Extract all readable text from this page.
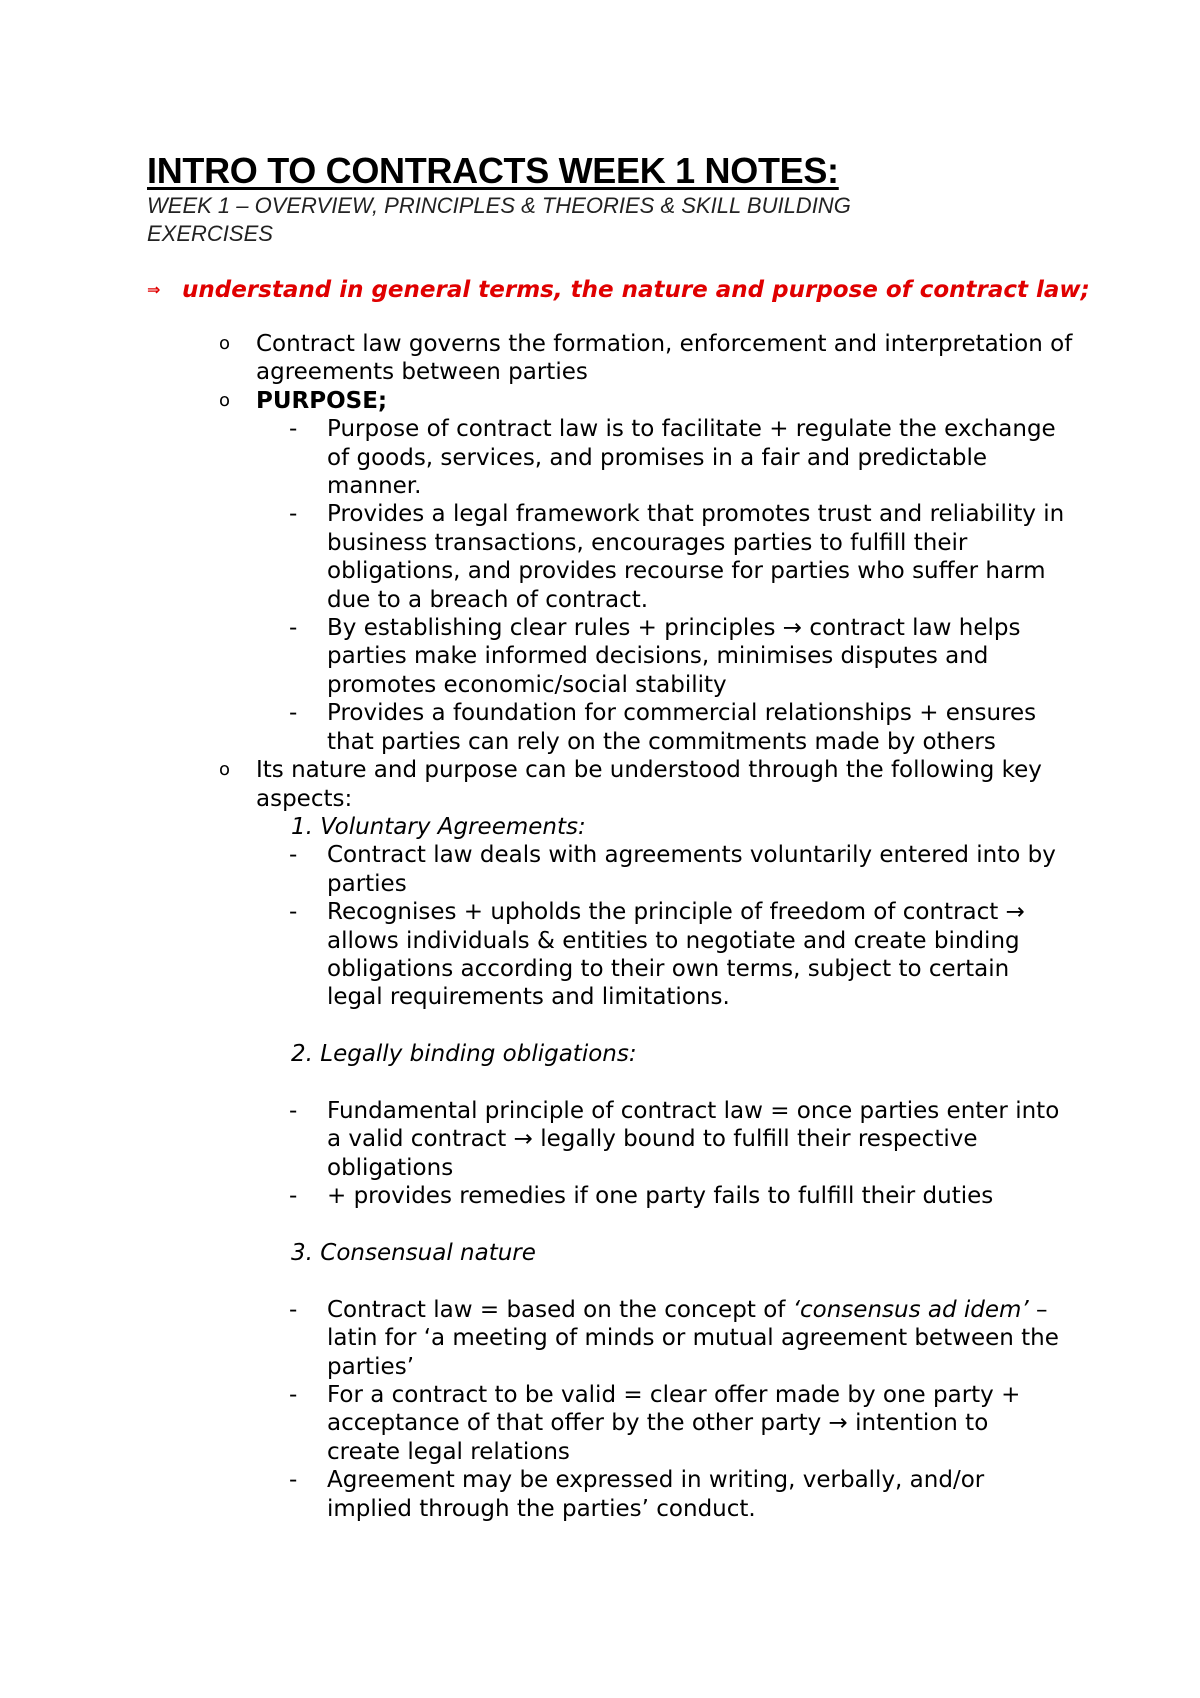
INTRO TO CONTRACTS WEEK 1 NOTES:
WEEK 1 – OVERVIEW, PRINCIPLES & THEORIES & SKILL BUILDING EXERCISES
⇒ understand in general terms, the nature and purpose of contract law;
o Contract law governs the formation, enforcement and interpretation of agreements between parties
o PURPOSE;
- Purpose of contract law is to facilitate + regulate the exchange of goods, services, and promises in a fair and predictable manner.
- Provides a legal framework that promotes trust and reliability in business transactions, encourages parties to fulfill their obligations, and provides recourse for parties who suffer harm due to a breach of contract.
- By establishing clear rules + principles → contract law helps parties make informed decisions, minimises disputes and promotes economic/social stability
- Provides a foundation for commercial relationships + ensures that parties can rely on the commitments made by others
o Its nature and purpose can be understood through the following key aspects:
1. Voluntary Agreements:
- Contract law deals with agreements voluntarily entered into by parties
- Recognises + upholds the principle of freedom of contract → allows individuals & entities to negotiate and create binding obligations according to their own terms, subject to certain legal requirements and limitations.
2. Legally binding obligations:
- Fundamental principle of contract law = once parties enter into a valid contract → legally bound to fulfill their respective obligations
- + provides remedies if one party fails to fulfill their duties
3. Consensual nature
- Contract law = based on the concept of ‘consensus ad idem’ – latin for ‘a meeting of minds or mutual agreement between the parties’
- For a contract to be valid = clear offer made by one party + acceptance of that offer by the other party → intention to create legal relations
- Agreement may be expressed in writing, verbally, and/or implied through the parties’ conduct.
